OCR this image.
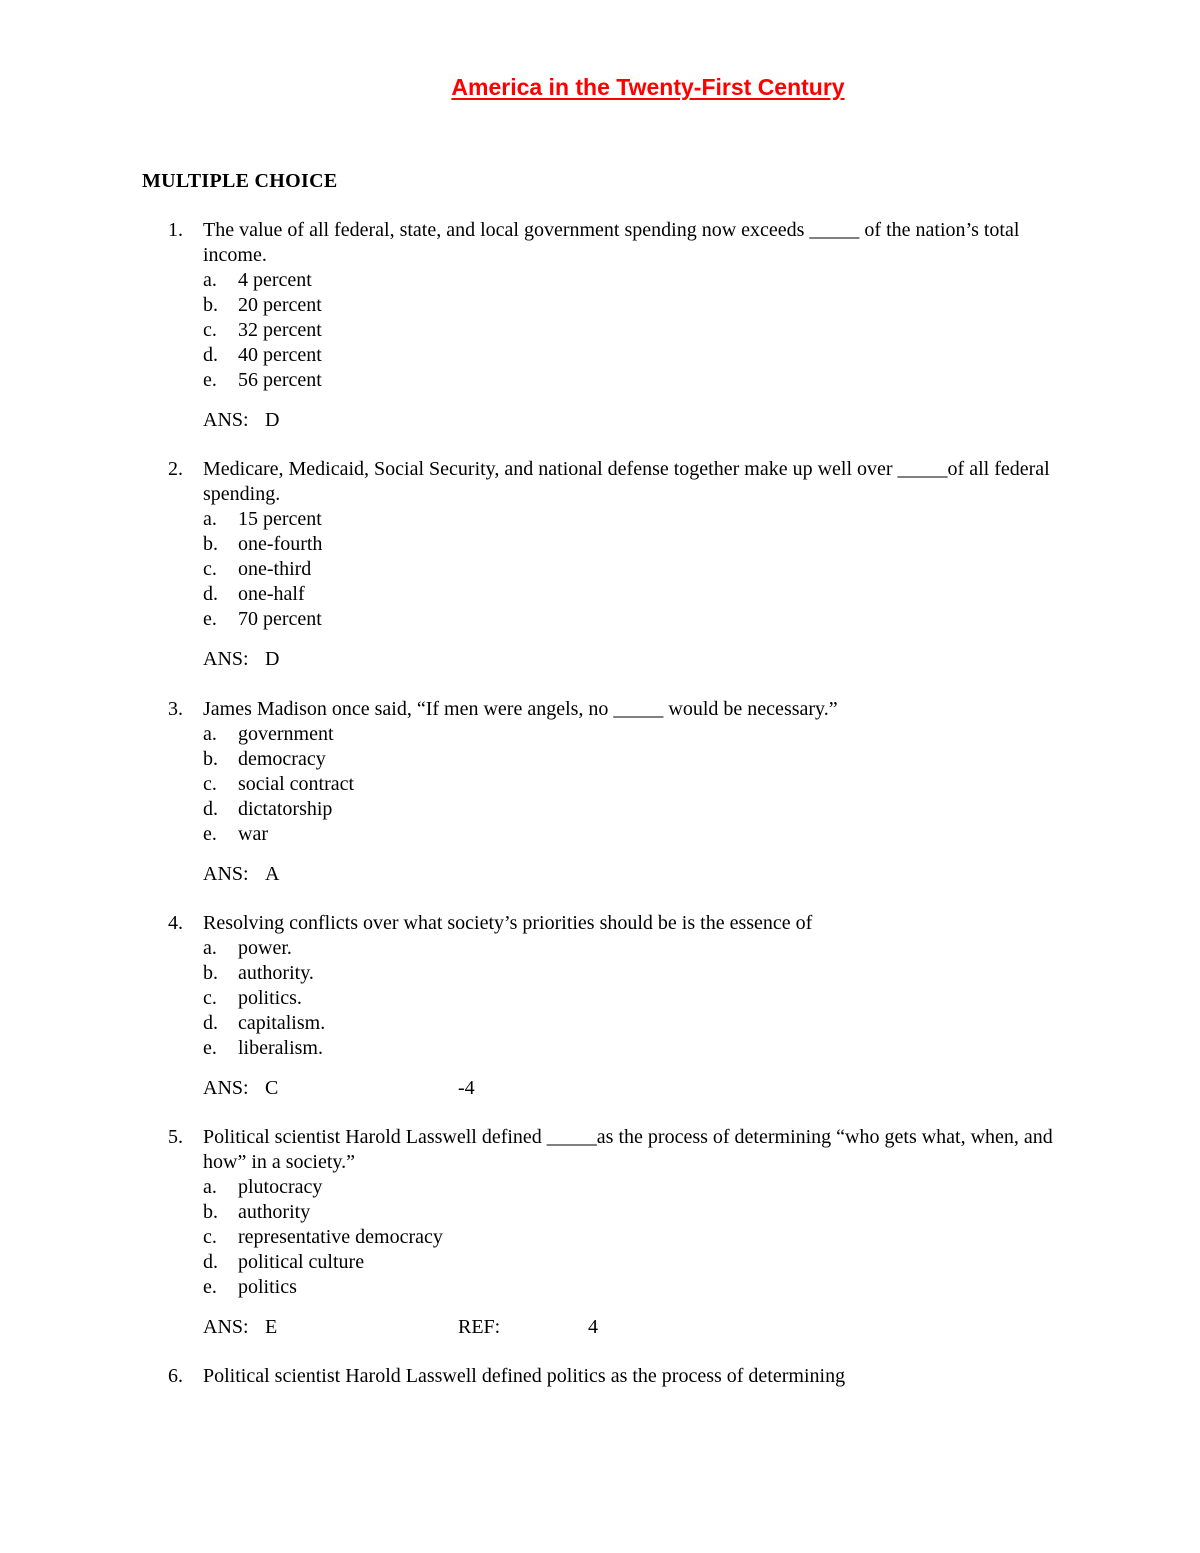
America in the Twenty-First Century
MULTIPLE CHOICE
1. The value of all federal, state, and local government spending now exceeds _____ of the nation’s total income.
a. 4 percent
b. 20 percent
c. 32 percent
d. 40 percent
e. 56 percent
ANS: D
2. Medicare, Medicaid, Social Security, and national defense together make up well over _____of all federal spending.
a. 15 percent
b. one-fourth
c. one-third
d. one-half
e. 70 percent
ANS: D
3. James Madison once said, “If men were angels, no _____ would be necessary.”
a. government
b. democracy
c. social contract
d. dictatorship
e. war
ANS: A
4. Resolving conflicts over what society’s priorities should be is the essence of
a. power.
b. authority.
c. politics.
d. capitalism.
e. liberalism.
ANS: C	-4
5. Political scientist Harold Lasswell defined _____as the process of determining “who gets what, when, and how” in a society.”
a. plutocracy
b. authority
c. representative democracy
d. political culture
e. politics
ANS: E	REF:	4
6. Political scientist Harold Lasswell defined politics as the process of determining
